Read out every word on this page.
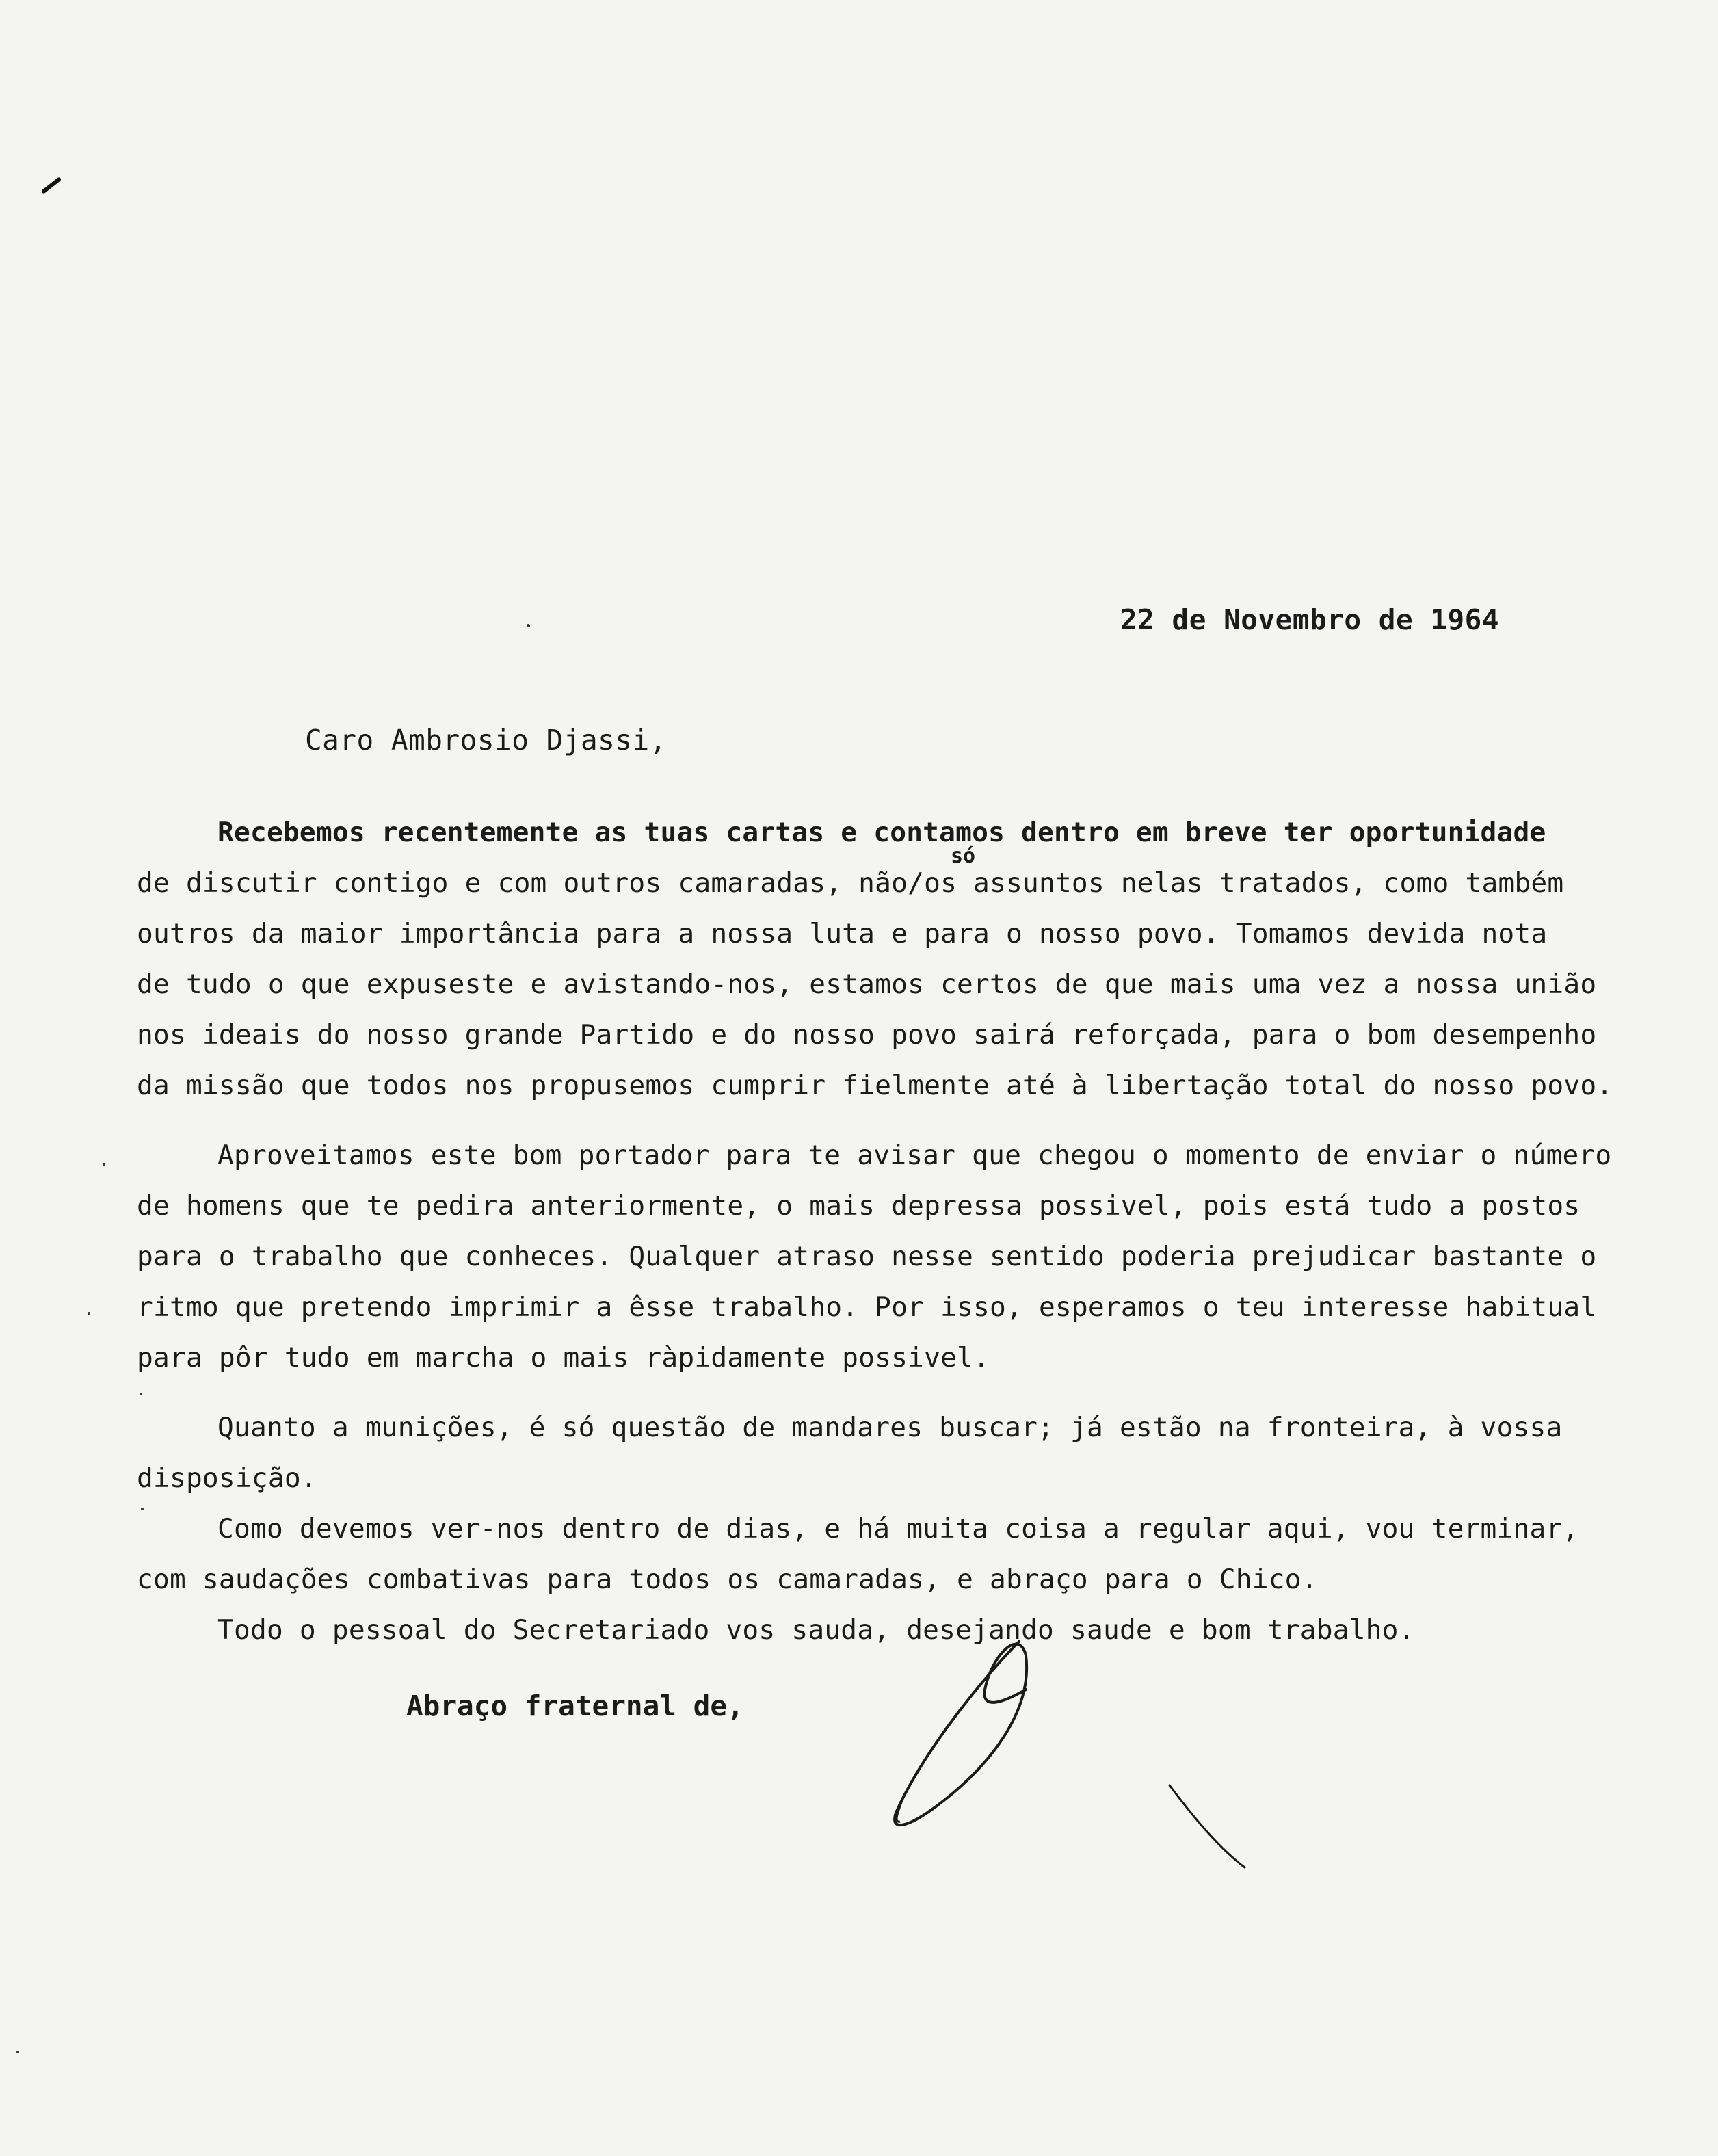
22 de Novembro de 1964
Caro Ambrosio Djassi,
só
Recebemos recentemente as tuas cartas e contamos dentro em breve ter oportunidade
de discutir contigo e com outros camaradas, não/os assuntos nelas tratados, como também
outros da maior importância para a nossa luta e para o nosso povo. Tomamos devida nota
de tudo o que expuseste e avistando-nos, estamos certos de que mais uma vez a nossa união
nos ideais do nosso grande Partido e do nosso povo sairá reforçada, para o bom desempenho
da missão que todos nos propusemos cumprir fielmente até à libertação total do nosso povo.
Aproveitamos este bom portador para te avisar que chegou o momento de enviar o número
de homens que te pedira anteriormente, o mais depressa possivel, pois está tudo a postos
para o trabalho que conheces. Qualquer atraso nesse sentido poderia prejudicar bastante o
ritmo que pretendo imprimir a êsse trabalho. Por isso, esperamos o teu interesse habitual
para pôr tudo em marcha o mais ràpidamente possivel.
Quanto a munições, é só questão de mandares buscar; já estão na fronteira, à vossa
disposição.
Como devemos ver-nos dentro de dias, e há muita coisa a regular aqui, vou terminar,
com saudações combativas para todos os camaradas, e abraço para o Chico.
Todo o pessoal do Secretariado vos sauda, desejando saude e bom trabalho.
Abraço fraternal de,
